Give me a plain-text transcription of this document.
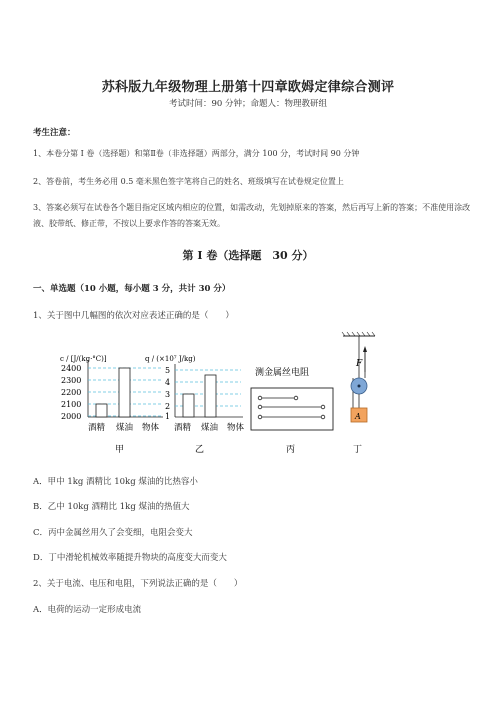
苏科版九年级物理上册第十四章欧姆定律综合测评
考试时间：90 分钟；命题人：物理教研组
考生注意：
1、本卷分第 I 卷（选择题）和第Ⅱ卷（非选择题）两部分，满分 100 分，考试时间 90 分钟
2、答卷前，考生务必用 0.5 毫米黑色签字笔将自己的姓名、班级填写在试卷规定位置上
3、答案必须写在试卷各个题目指定区域内相应的位置，如需改动，先划掉原来的答案，然后再写上新的答案；不准使用涂改液、胶带纸、修正带，不按以上要求作答的答案无效。
第 I 卷（选择题　30 分）
一、单选题（10 小题，每小题 3 分，共计 30 分）
1、关于图中几幅图的依次对应表述正确的是（　　）
c / [J/(kg·°C)]
2400
2300
2200
2100
2000
酒精 煤油 物体
甲
q / (×10⁷ J/kg)
5
4
3
2
1
酒精 煤油 物体
乙
测金属丝电阻
丙
F
A
丁
A．甲中 1kg 酒精比 10kg 煤油的比热容小
B．乙中 10kg 酒精比 1kg 煤油的热值大
C．丙中金属丝用久了会变细，电阻会变大
D．丁中滑轮机械效率随提升物块的高度变大而变大
2、关于电流、电压和电阻，下列说法正确的是（　　）
A．电荷的运动一定形成电流
